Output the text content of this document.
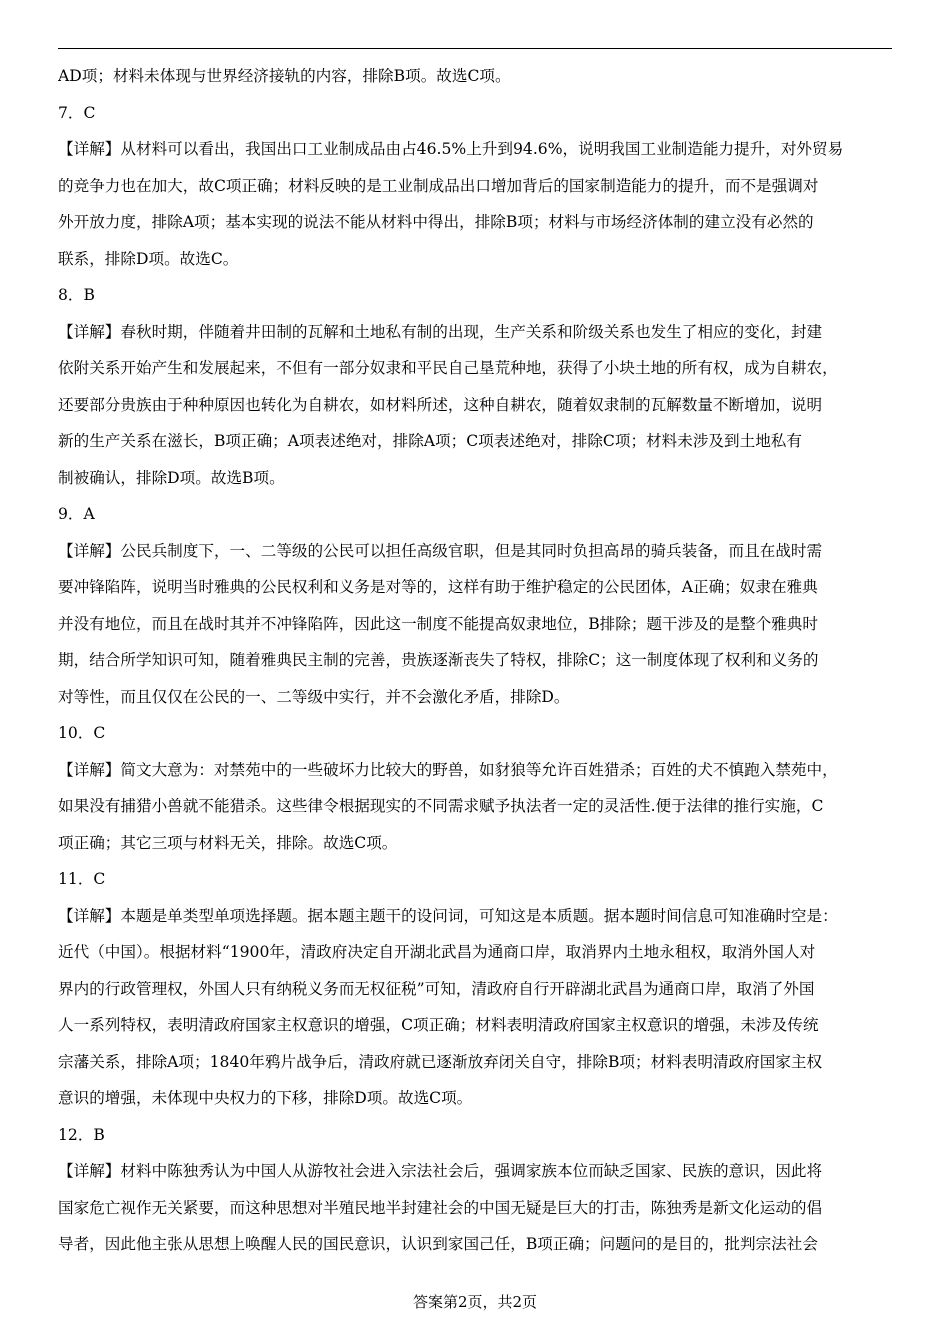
AD项；材料未体现与世界经济接轨的内容，排除B项。故选C项。
7．C
【详解】从材料可以看出，我国出口工业制成品由占46.5%上升到94.6%，说明我国工业制造能力提升，对外贸易
的竞争力也在加大，故C项正确；材料反映的是工业制成品出口增加背后的国家制造能力的提升，而不是强调对
外开放力度，排除A项；基本实现的说法不能从材料中得出，排除B项；材料与市场经济体制的建立没有必然的
联系，排除D项。故选C。
8．B
【详解】春秋时期，伴随着井田制的瓦解和土地私有制的出现，生产关系和阶级关系也发生了相应的变化，封建
依附关系开始产生和发展起来，不但有一部分奴隶和平民自己垦荒种地，获得了小块土地的所有权，成为自耕农，
还要部分贵族由于种种原因也转化为自耕农，如材料所述，这种自耕农，随着奴隶制的瓦解数量不断增加，说明
新的生产关系在滋长，B项正确；A项表述绝对，排除A项；C项表述绝对，排除C项；材料未涉及到土地私有
制被确认，排除D项。故选B项。
9．A
【详解】公民兵制度下，一、二等级的公民可以担任高级官职，但是其同时负担高昂的骑兵装备，而且在战时需
要冲锋陷阵，说明当时雅典的公民权利和义务是对等的，这样有助于维护稳定的公民团体，A正确；奴隶在雅典
并没有地位，而且在战时其并不冲锋陷阵，因此这一制度不能提高奴隶地位，B排除；题干涉及的是整个雅典时
期，结合所学知识可知，随着雅典民主制的完善，贵族逐渐丧失了特权，排除C；这一制度体现了权利和义务的
对等性，而且仅仅在公民的一、二等级中实行，并不会激化矛盾，排除D。
10．C
【详解】简文大意为：对禁苑中的一些破坏力比较大的野兽，如豺狼等允许百姓猎杀；百姓的犬不慎跑入禁苑中，
如果没有捕猎小兽就不能猎杀。这些律令根据现实的不同需求赋予执法者一定的灵活性.便于法律的推行实施，C
项正确；其它三项与材料无关，排除。故选C项。
11．C
【详解】本题是单类型单项选择题。据本题主题干的设问词，可知这是本质题。据本题时间信息可知准确时空是：
近代（中国）。根据材料“1900年，清政府决定自开湖北武昌为通商口岸，取消界内土地永租权，取消外国人对
界内的行政管理权，外国人只有纳税义务而无权征税”可知，清政府自行开辟湖北武昌为通商口岸，取消了外国
人一系列特权，表明清政府国家主权意识的增强，C项正确；材料表明清政府国家主权意识的增强，未涉及传统
宗藩关系，排除A项；1840年鸦片战争后，清政府就已逐渐放弃闭关自守，排除B项；材料表明清政府国家主权
意识的增强，未体现中央权力的下移，排除D项。故选C项。
12．B
【详解】材料中陈独秀认为中国人从游牧社会进入宗法社会后，强调家族本位而缺乏国家、民族的意识，因此将
国家危亡视作无关紧要，而这种思想对半殖民地半封建社会的中国无疑是巨大的打击，陈独秀是新文化运动的倡
导者，因此他主张从思想上唤醒人民的国民意识，认识到家国己任，B项正确；问题问的是目的，批判宗法社会
答案第2页，共2页
